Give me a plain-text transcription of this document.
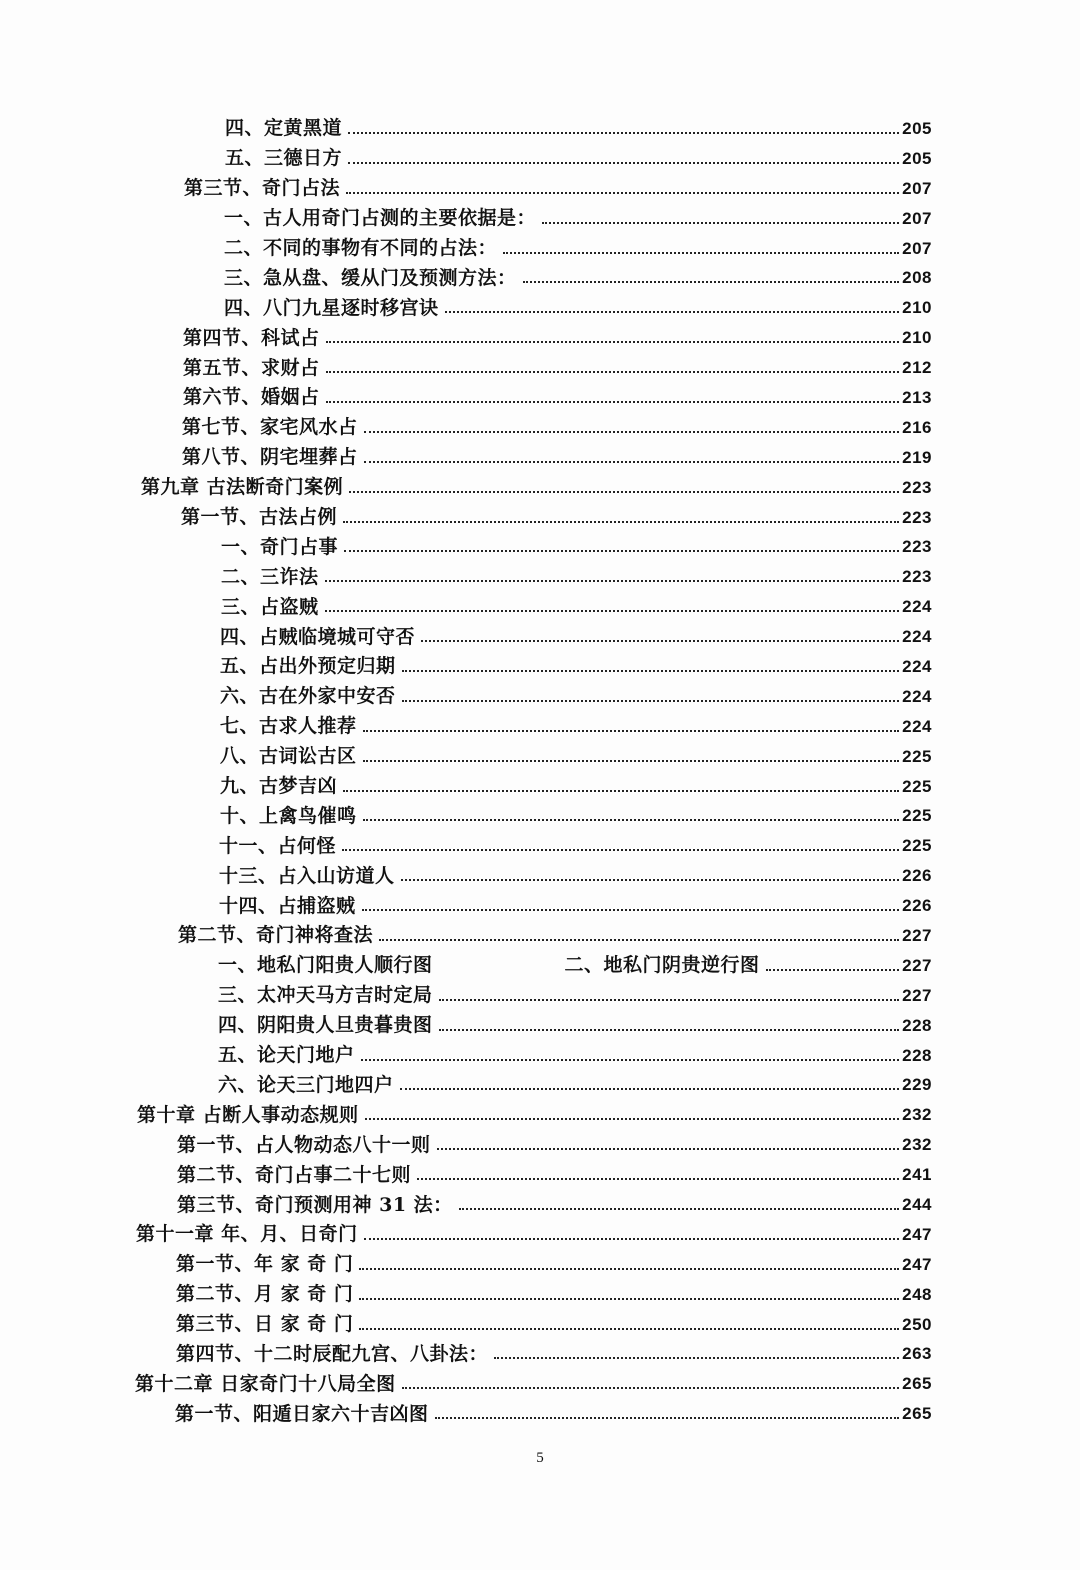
四、定黄黑道	205
五、三德日方	205
第三节、奇门占法	207
一、古人用奇门占测的主要依据是：	207
二、不同的事物有不同的占法：	207
三、急从盘、缓从门及预测方法：	208
四、八门九星逐时移宫诀	210
第四节、科试占	210
第五节、求财占	212
第六节、婚姻占	213
第七节、家宅风水占	216
第八节、阴宅埋葬占	219
第九章 古法断奇门案例	223
第一节、古法占例	223
一、奇门占事	223
二、三诈法	223
三、占盗贼	224
四、占贼临境城可守否	224
五、占出外预定归期	224
六、古在外家中安否	224
七、古求人推荐	224
八、古词讼古区	225
九、古梦吉凶	225
十、上禽鸟催鸣	225
十一、占何怪	225
十三、占入山访道人	226
十四、占捕盗贼	226
第二节、奇门神将查法	227
一、地私门阳贵人顺行图	二、地私门阴贵逆行图	227
三、太冲天马方吉时定局	227
四、阴阳贵人旦贵暮贵图	228
五、论天门地户	228
六、论天三门地四户	229
第十章 占断人事动态规则	232
第一节、占人物动态八十一则	232
第二节、奇门占事二十七则	241
第三节、奇门预测用神 31 法：	244
第十一章 年、月、日奇门	247
第一节、年 家 奇 门	247
第二节、月 家 奇 门	248
第三节、日 家 奇 门	250
第四节、十二时辰配九宫、八卦法：	263
第十二章 日家奇门十八局全图	265
第一节、阳遁日家六十吉凶图	265
5
